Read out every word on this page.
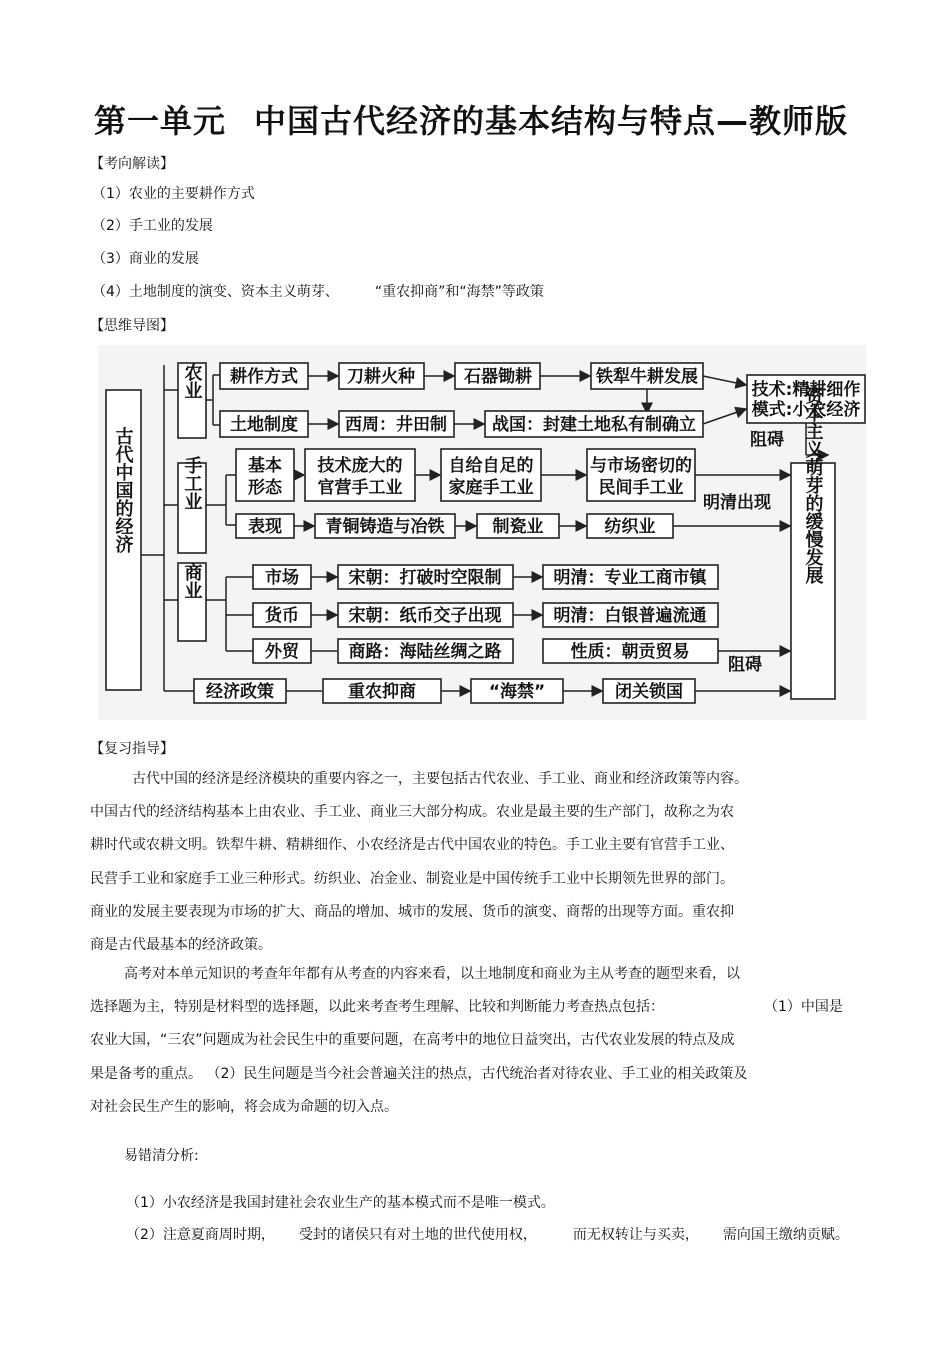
第一单元 中国古代经济的基本结构与特点—教师版
【考向解读】
（1）农业的主要耕作方式
（2）手工业的发展
（3）商业的发展
（4）土地制度的演变、资本主义萌芽、	“重农抑商”和“海禁”等政策
【思维导图】
古代中国的经济
农业 耕作方式	刀耕火种	石器锄耕	铁犁牛耕发展
土地制度	西周：井田制	战国：封建土地私有制确立
技术:精耕细作
模式:小农经济
阻碍
手工业	基本
形态
技术庞大的
官营手工业
自给自足的
家庭手工业
与市场密切的
民间手工业
明清出现
表现	青铜铸造与冶铁	制瓷业	纺织业	资本主义萌芽的缓慢发展
商业	市场	宋朝：打破时空限制	明清：专业工商市镇
货币	宋朝：纸币交子出现	明清：白银普遍流通
外贸	商路：海陆丝绸之路	性质：朝贡贸易
阻碍
经济政策	重农抑商	“海禁”	闭关锁国
【复习指导】
古代中国的经济是经济模块的重要内容之一，主要包括古代农业、手工业、商业和经济政策等内容。
中国古代的经济结构基本上由农业、手工业、商业三大部分构成。农业是最主要的生产部门，故称之为农
耕时代或农耕文明。铁犁牛耕、精耕细作、小农经济是古代中国农业的特色。手工业主要有官营手工业、
民营手工业和家庭手工业三种形式。纺织业、冶金业、制瓷业是中国传统手工业中长期领先世界的部门。
商业的发展主要表现为市场的扩大、商品的增加、城市的发展、货币的演变、商帮的出现等方面。重农抑
商是古代最基本的经济政策。
高考对本单元知识的考查年年都有从考查的内容来看，以土地制度和商业为主从考查的题型来看，以
选择题为主，特别是材料型的选择题，以此来考查考生理解、比较和判断能力考查热点包括：	（1）中国是
农业大国，“三农”问题成为社会民生中的重要问题，在高考中的地位日益突出，古代农业发展的特点及成
果是备考的重点。 （2）民生问题是当今社会普遍关注的热点，古代统治者对待农业、手工业的相关政策及
对社会民生产生的影响，将会成为命题的切入点。
易错清分析:
（1）小农经济是我国封建社会农业生产的基本模式而不是唯一模式。
（2）注意夏商周时期， 受封的诸侯只有对土地的世代使用权，	而无权转让与买卖， 需向国王缴纳贡赋。
